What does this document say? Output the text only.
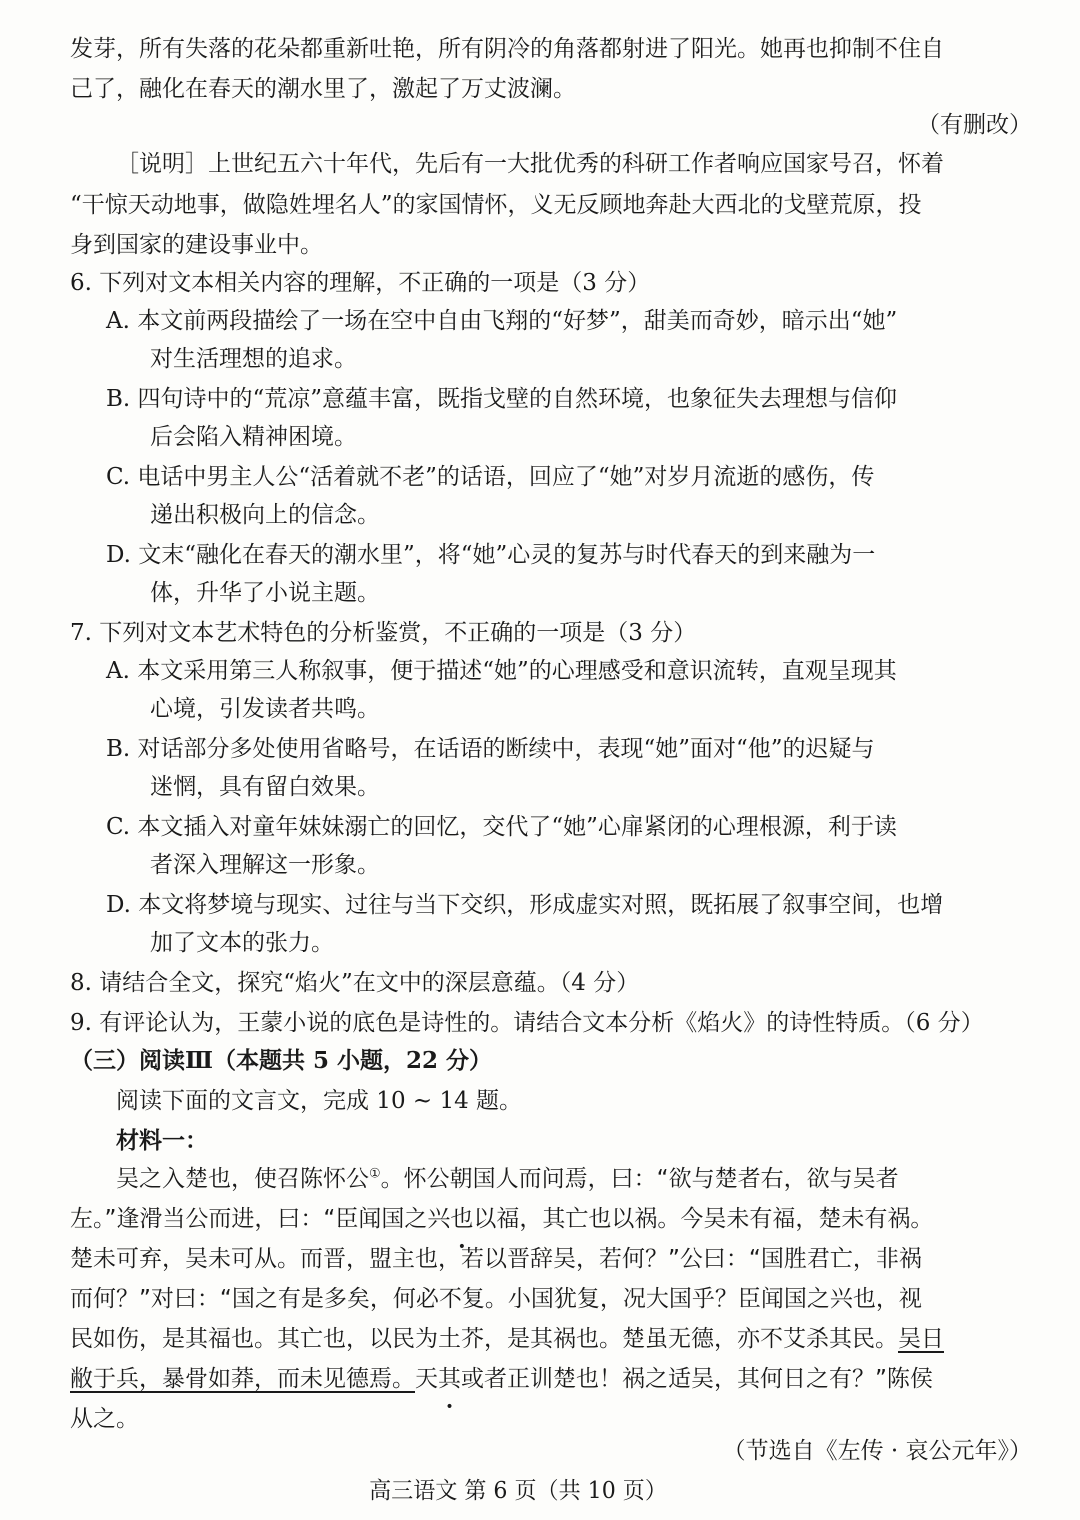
发芽，所有失落的花朵都重新吐艳，所有阴冷的角落都射进了阳光。她再也抑制不住自
己了，融化在春天的潮水里了，激起了万丈波澜。
（有删改）
［说明］上世纪五六十年代，先后有一大批优秀的科研工作者响应国家号召，怀着
“干惊天动地事，做隐姓埋名人”的家国情怀，义无反顾地奔赴大西北的戈壁荒原，投
身到国家的建设事业中。
6. 下列对文本相关内容的理解，不正确的一项是（3 分）
A. 本文前两段描绘了一场在空中自由飞翔的“好梦”，甜美而奇妙，暗示出“她”
对生活理想的追求。
B. 四句诗中的“荒凉”意蕴丰富，既指戈壁的自然环境，也象征失去理想与信仰
后会陷入精神困境。
C. 电话中男主人公“活着就不老”的话语，回应了“她”对岁月流逝的感伤，传
递出积极向上的信念。
D. 文末“融化在春天的潮水里”，将“她”心灵的复苏与时代春天的到来融为一
体，升华了小说主题。
7. 下列对文本艺术特色的分析鉴赏，不正确的一项是（3 分）
A. 本文采用第三人称叙事，便于描述“她”的心理感受和意识流转，直观呈现其
心境，引发读者共鸣。
B. 对话部分多处使用省略号，在话语的断续中，表现“她”面对“他”的迟疑与
迷惘，具有留白效果。
C. 本文插入对童年妹妹溺亡的回忆，交代了“她”心扉紧闭的心理根源，利于读
者深入理解这一形象。
D. 本文将梦境与现实、过往与当下交织，形成虚实对照，既拓展了叙事空间，也增
加了文本的张力。
8. 请结合全文，探究“焰火”在文中的深层意蕴。（4 分）
9. 有评论认为，王蒙小说的底色是诗性的。请结合文本分析《焰火》的诗性特质。（6 分）
（三）阅读Ⅲ（本题共 5 小题，22 分）
阅读下面的文言文，完成 10 ~ 14 题。
材料一：
吴之入楚也，使召陈怀公①。怀公朝国人而问焉，曰：“欲与楚者右，欲与吴者
左。”逢滑当公而进，曰：“臣闻国之兴也以福，其亡也以祸。今吴未有福，楚未有祸。
楚未可弃，吴未可从。而晋，盟主也，若以晋辞吴，若何？”公曰：“国胜君亡，非祸
而何？”对曰：“国之有是多矣，何必不复。小国犹复，况大国乎？臣闻国之兴也，视
民如伤，是其福也。其亡也，以民为土芥，是其祸也。楚虽无德，亦不艾杀其民。吴日
敝于兵，暴骨如莽，而未见德焉。天其或者正训楚也！祸之适吴，其何日之有？”陈侯
从之。
（节选自《左传 · 哀公元年》）
高三语文 第 6 页（共 10 页）
